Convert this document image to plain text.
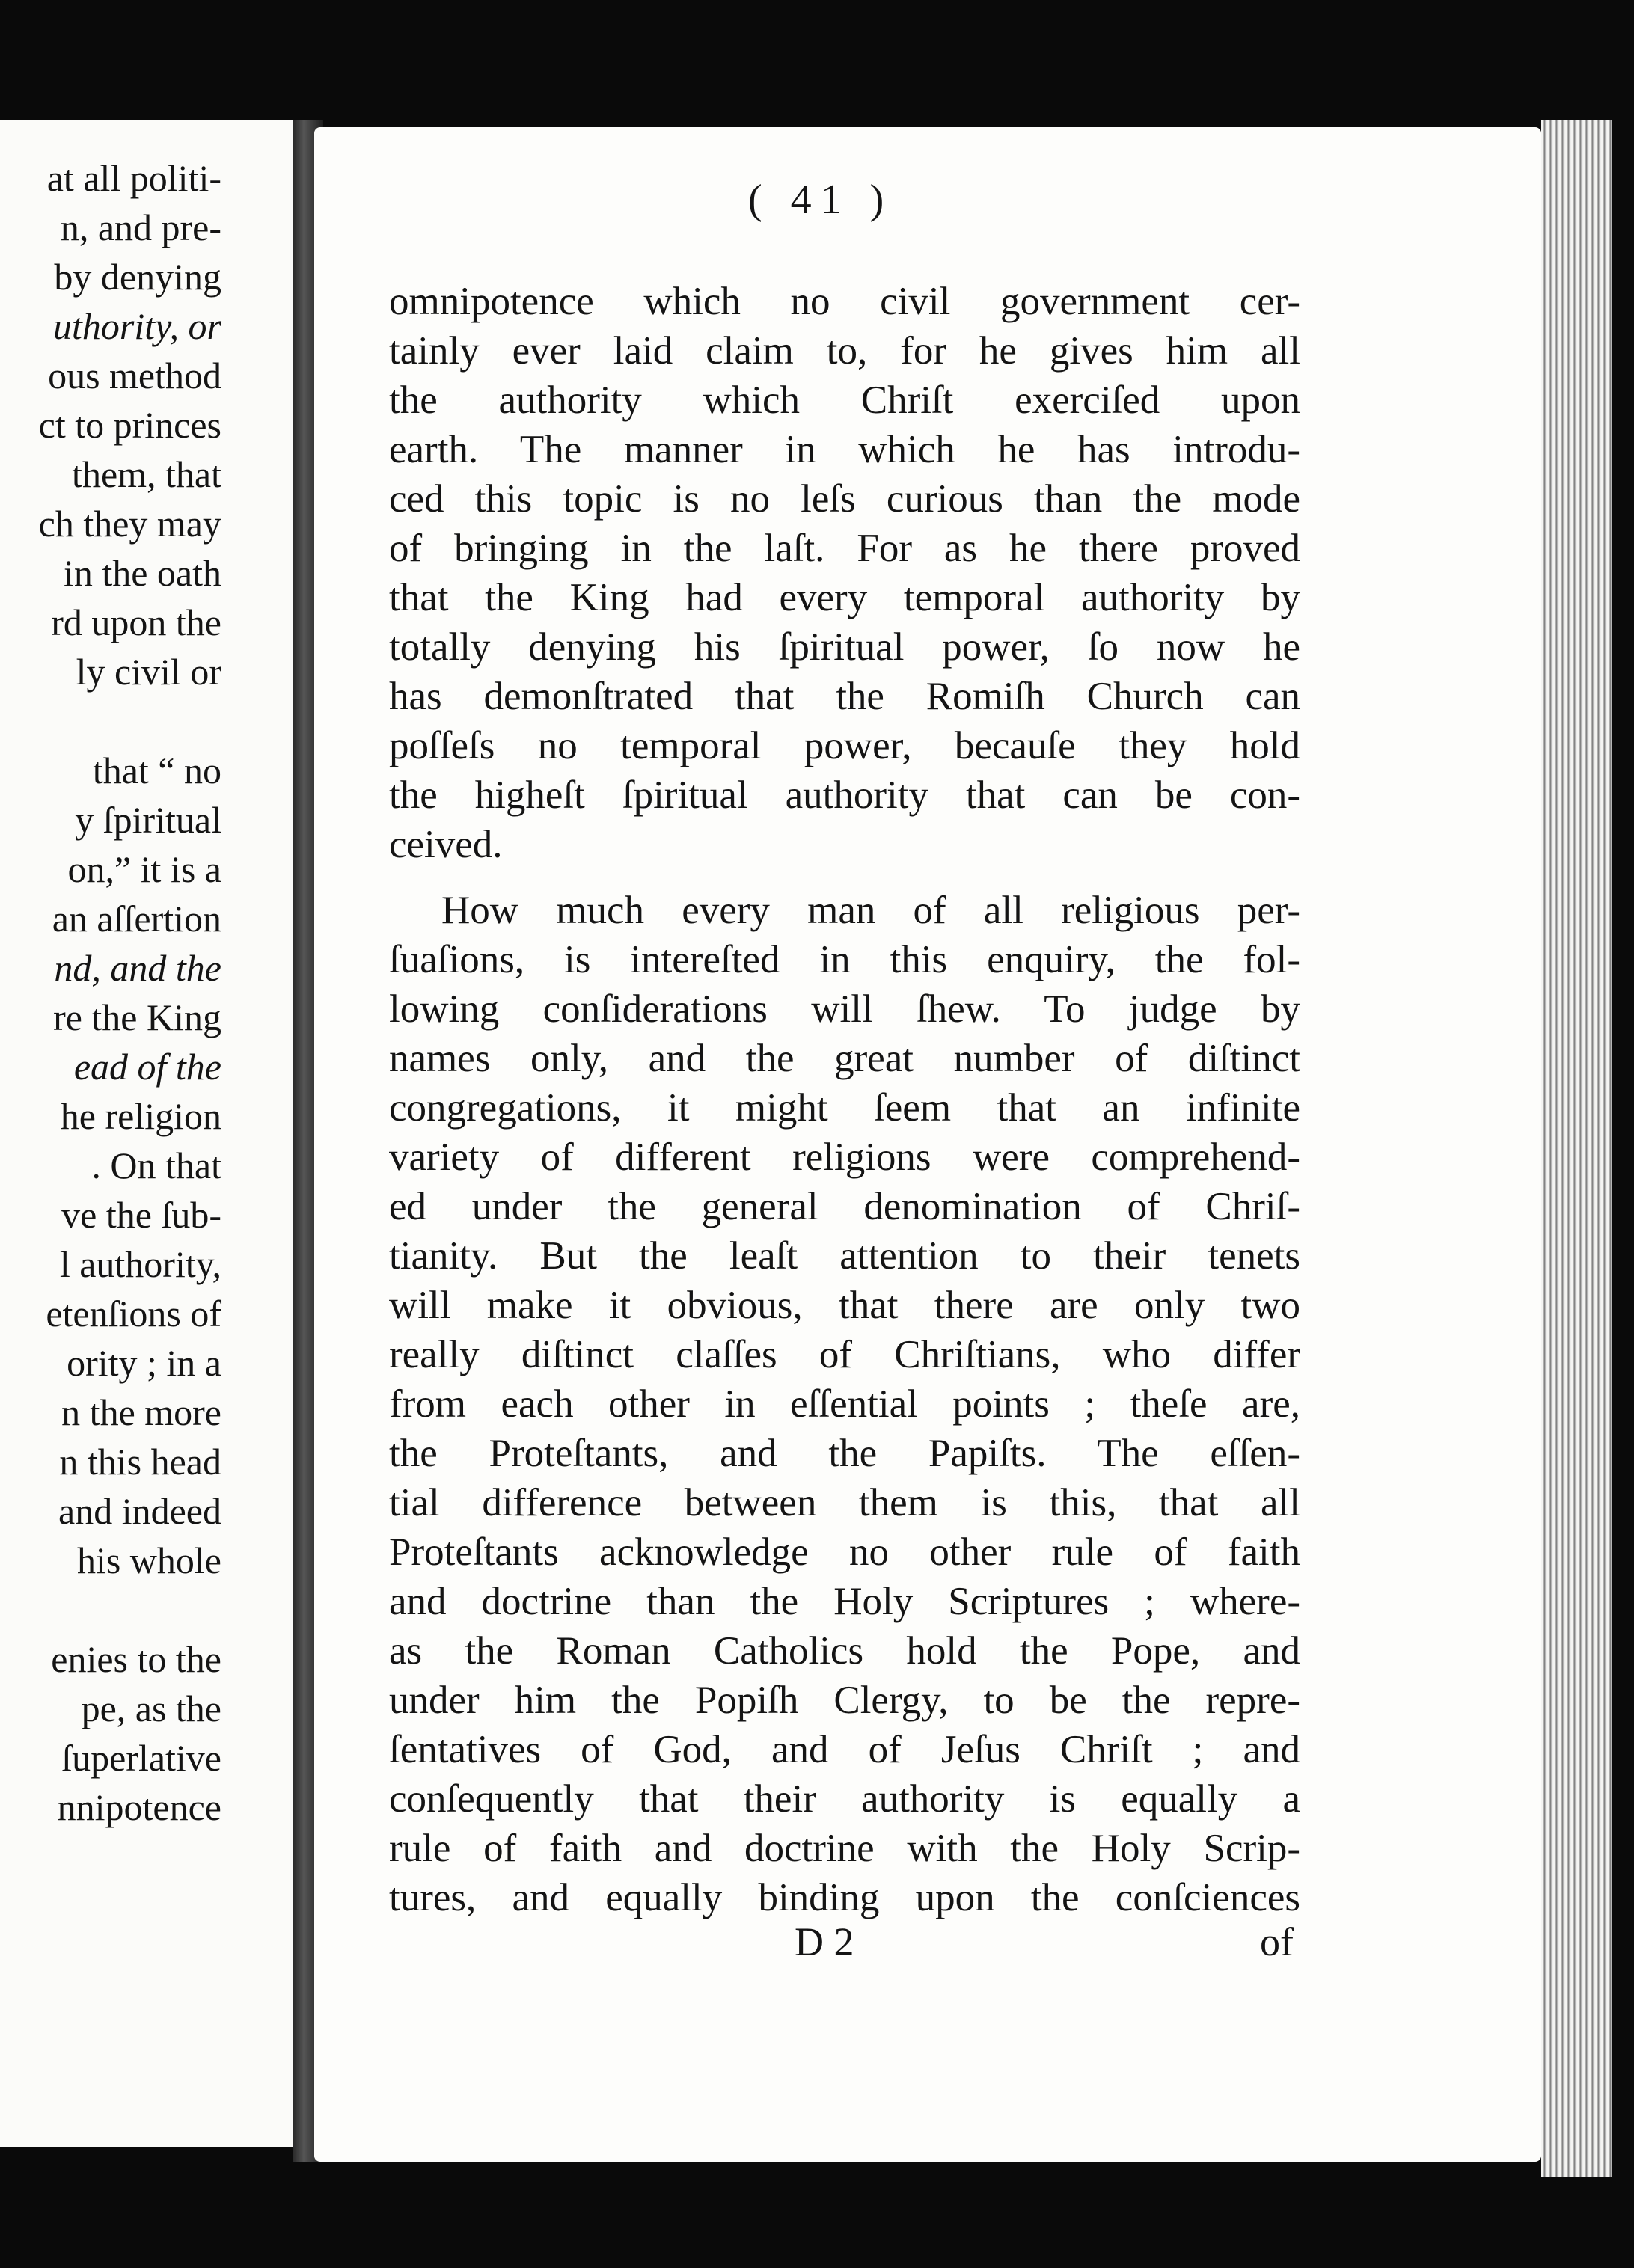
at all politi-
n, and pre-
by denying
uthority, or
ous method
ct to princes
them, that
ch they may
in the oath
rd upon the
ly civil or
that “ no
y ſpiritual
on,” it is a
an aſſertion
nd, and the
re the King
ead of the
he religion
. On that
ve the ſub-
l authority,
etenſions of
ority ; in a
n the more
n this head
and indeed
his whole
enies to the
pe, as the
ſuperlative
nnipotence
( 41 )
omnipotence which no civil government cer-
tainly ever laid claim to, for he gives him all
the authority which Chriſt exerciſed upon
earth. The manner in which he has introdu-
ced this topic is no leſs curious than the mode
of bringing in the laſt. For as he there proved
that the King had every temporal authority by
totally denying his ſpiritual power, ſo now he
has demonſtrated that the Romiſh Church can
poſſeſs no temporal power, becauſe they hold
the higheſt ſpiritual authority that can be con-
ceived.
How much every man of all religious per-
ſuaſions, is intereſted in this enquiry, the fol-
lowing conſiderations will ſhew. To judge by
names only, and the great number of diſtinct
congregations, it might ſeem that an infinite
variety of different religions were comprehend-
ed under the general denomination of Chriſ-
tianity. But the leaſt attention to their tenets
will make it obvious, that there are only two
really diſtinct claſſes of Chriſtians, who differ
from each other in eſſential points ; theſe are,
the Proteſtants, and the Papiſts. The eſſen-
tial difference between them is this, that all
Proteſtants acknowledge no other rule of faith
and doctrine than the Holy Scriptures ; where-
as the Roman Catholics hold the Pope, and
under him the Popiſh Clergy, to be the repre-
ſentatives of God, and of Jeſus Chriſt ; and
conſequently that their authority is equally a
rule of faith and doctrine with the Holy Scrip-
tures, and equally binding upon the conſciences
D 2	of
